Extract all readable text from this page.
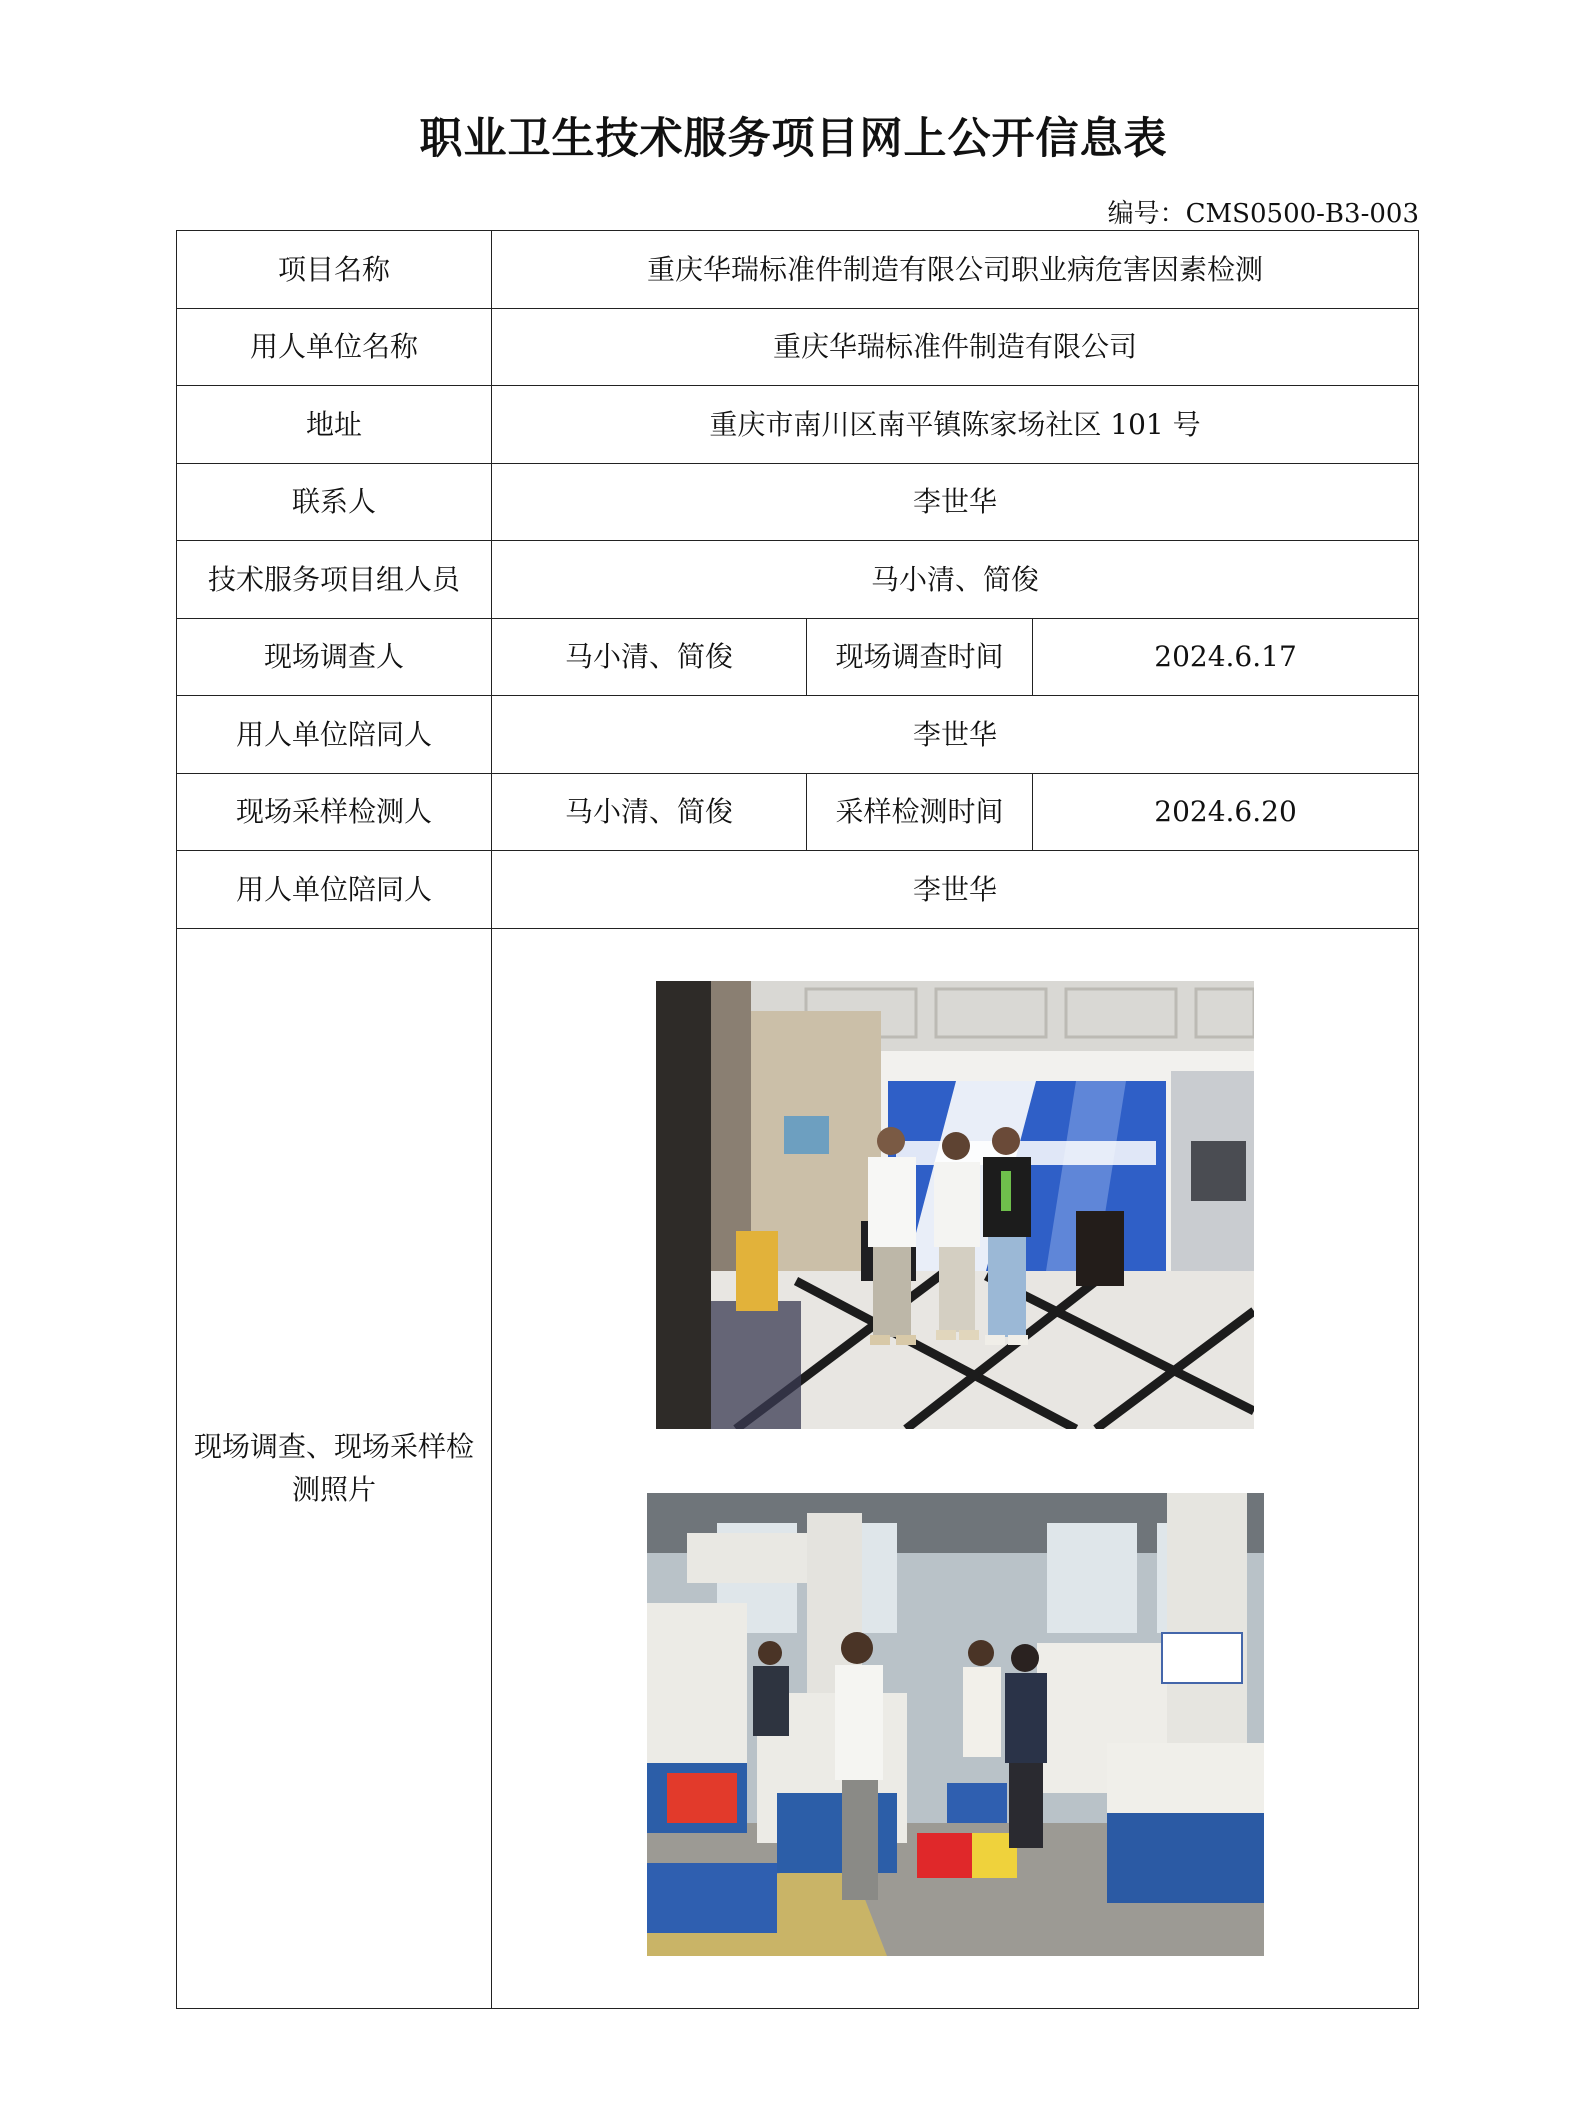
职业卫生技术服务项目网上公开信息表
编号：CMS0500-B3-003
项目名称	重庆华瑞标准件制造有限公司职业病危害因素检测		
用人单位名称	重庆华瑞标准件制造有限公司		
地址	重庆市南川区南平镇陈家场社区 101 号		
联系人	李世华		
技术服务项目组人员	马小清、简俊		
现场调查人	马小清、简俊	现场调查时间	2024.6.17
用人单位陪同人	李世华		
现场采样检测人	马小清、简俊	采样检测时间	2024.6.20
用人单位陪同人	李世华		
现场调查、现场采样检测照片	
